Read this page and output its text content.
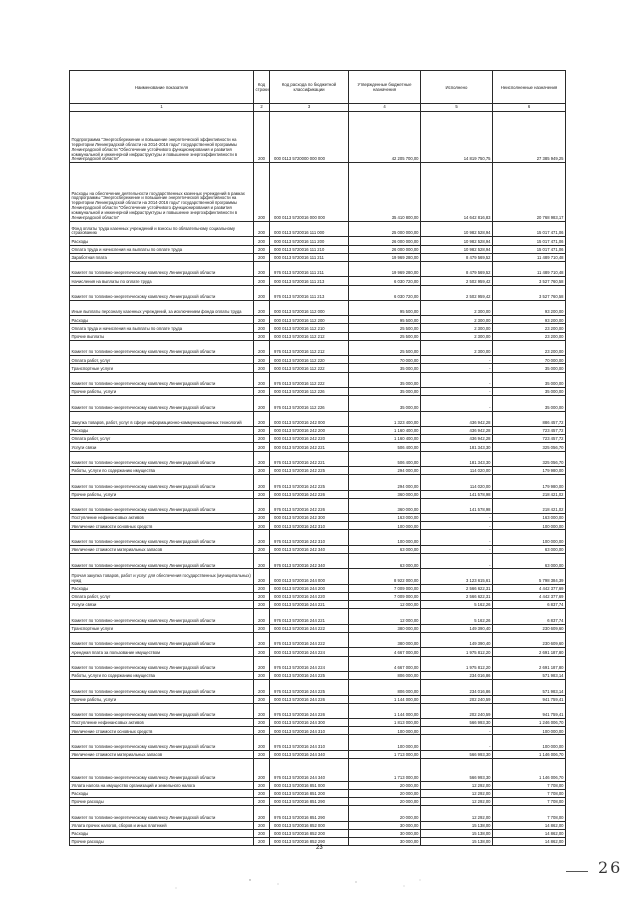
Наименование показателя	Код строки	Код расхода по бюджетной классификации	Утвержденные бюджетные назначения	Исполнено	Неисполненные назначения
1	2	3	4	5	6
Подпрограмма "Энергосбережение и повышение энергетической эффективности на территории Ленинградской области на 2014-2016 годы" государственной программы Ленинградской области "Обеспечение устойчивого функционирования и развития коммунальной и инженерной инфраструктуры и повышение энергоэффективности в Ленинградской области"	200	000 0113 5720000 000 000	42 205 700,00	14 819 750,75	27 385 949,25
Расходы на обеспечение деятельности государственных казенных учреждений в рамках подпрограммы "Энергосбережение и повышение энергетической эффективности на территории Ленинградской области на 2014-2016 годы" государственной программы Ленинградской области "Обеспечение устойчивого функционирования и развития коммунальной и инженерной инфраструктуры и повышение энергоэффективности в Ленинградской области"	200	000 0113 5720016 000 000	35 410 800,00	14 642 816,83	20 768 983,17
Фонд оплаты труда казенных учреждений и взносы по обязательному социальному страхованию	200	000 0113 5720016 111 000	25 000 000,00	10 982 528,94	15 017 471,06
Расходы	200	000 0113 5720016 111 200	26 000 000,00	10 982 528,94	15 017 471,06
Оплата труда и начисления на выплаты по оплате труда	200	000 0113 5720016 111 210	26 000 000,00	10 982 528,94	15 017 471,06
Заработная плата	200	000 0113 5720016 111 211	19 969 280,00	8 479 569,52	11 489 710,48
Комитет по топливно-энергетическому комплексу Ленинградской области	200	976 0113 5720016 111 211	19 969 280,00	8 479 569,52	11 489 710,48
Начисления на выплаты по оплате труда	200	000 0113 5720016 111 213	6 030 720,00	2 502 959,42	3 527 760,58
Комитет по топливно-энергетическому комплексу Ленинградской области	200	976 0113 5720016 111 213	6 030 720,00	2 502 959,42	3 527 760,58
Иные выплаты персоналу казенных учреждений, за исключением фонда оплаты труда	200	000 0113 5720016 112 000	95 500,00	2 300,00	93 200,00
Расходы	200	000 0113 5720016 112 200	95 500,00	2 300,00	93 200,00
Оплата труда и начисления на выплаты по оплате труда	200	000 0113 5720016 112 210	25 500,00	2 300,00	23 200,00
Прочие выплаты	200	000 0113 5720016 112 212	25 500,00	2 300,00	23 200,00
Комитет по топливно-энергетическому комплексу Ленинградской области	200	976 0113 5720016 112 212	25 500,00	2 300,00	23 200,00
Оплата работ, услуг	200	000 0113 5720016 112 220	70 000,00	-	70 000,00
Транспортные услуги	200	000 0113 5720016 112 222	35 000,00	-	35 000,00
Комитет по топливно-энергетическому комплексу Ленинградской области	200	976 0113 5720016 112 222	35 000,00	-	35 000,00
Прочие работы, услуги	200	000 0113 5720016 112 226	35 000,00	-	35 000,00
Комитет по топливно-энергетическому комплексу Ленинградской области	200	976 0113 5720016 112 226	35 000,00	-	35 000,00
Закупка товаров, работ, услуг в сфере информационно-коммуникационных технологий	200	000 0113 5720016 242 000	1 323 400,00	436 942,28	886 457,72
Расходы	200	000 0113 5720016 242 200	1 160 400,00	436 942,28	723 457,72
Оплата работ, услуг	200	000 0113 5720016 242 220	1 160 400,00	436 942,28	723 457,72
Услуги связи	200	000 0113 5720016 242 221	506 400,00	181 343,30	325 056,70
Комитет по топливно-энергетическому комплексу Ленинградской области	200	976 0113 5720016 242 221	506 400,00	181 343,30	325 056,70
Работы, услуги по содержанию имущества	200	000 0113 5720016 242 225	294 000,00	114 020,00	179 980,00
Комитет по топливно-энергетическому комплексу Ленинградской области	200	976 0113 5720016 242 225	294 000,00	114 020,00	179 980,00
Прочие работы, услуги	200	000 0113 5720016 242 226	360 000,00	141 578,98	218 421,02
Комитет по топливно-энергетическому комплексу Ленинградской области	200	976 0113 5720016 242 226	360 000,00	141 578,98	218 421,02
Поступление нефинансовых активов	200	000 0113 5720016 242 300	163 000,00	-	163 000,00
Увеличение стоимости основных средств	200	000 0113 5720016 242 310	100 000,00	-	100 000,00
Комитет по топливно-энергетическому комплексу Ленинградской области	200	976 0113 5720016 242 310	100 000,00	-	100 000,00
Увеличение стоимости материальных запасов	200	000 0113 5720016 242 340	63 000,00	-	63 000,00
Комитет по топливно-энергетическому комплексу Ленинградской области	200	976 0113 5720016 242 340	63 000,00	-	63 000,00
Прочая закупка товаров, работ и услуг для обеспечения государственных (муниципальных) нужд	200	000 0113 5720016 244 000	8 922 000,00	3 123 615,61	5 798 384,39
Расходы	200	000 0113 5720016 244 200	7 009 000,00	2 566 622,31	4 442 377,69
Оплата работ, услуг	200	000 0113 5720016 244 220	7 009 000,00	2 566 622,31	4 442 377,69
Услуги связи	200	000 0113 5720016 244 221	12 000,00	5 162,26	6 837,74
Комитет по топливно-энергетическому комплексу Ленинградской области	200	976 0113 5720016 244 221	12 000,00	5 162,26	6 837,74
Транспортные услуги	200	000 0113 5720016 244 222	380 000,00	149 390,40	230 609,60
Комитет по топливно-энергетическому комплексу Ленинградской области	200	976 0113 5720016 244 222	380 000,00	149 390,40	230 609,60
Арендная плата за пользование имуществом	200	000 0113 5720016 244 224	4 667 000,00	1 975 812,20	2 691 187,80
Комитет по топливно-энергетическому комплексу Ленинградской области	200	976 0113 5720016 244 224	4 667 000,00	1 975 812,20	2 691 187,80
Работы, услуги по содержанию имущества	200	000 0113 5720016 244 225	806 000,00	234 016,86	571 983,14
Комитет по топливно-энергетическому комплексу Ленинградской области	200	976 0113 5720016 244 225	806 000,00	234 016,86	571 983,14
Прочие работы, услуги	200	000 0113 5720016 244 226	1 144 000,00	202 240,59	941 759,41
Комитет по топливно-энергетическому комплексу Ленинградской области	200	976 0113 5720016 244 226	1 144 000,00	202 240,59	941 759,41
Поступление нефинансовых активов	200	000 0113 5720016 244 300	1 813 000,00	566 993,30	1 246 006,70
Увеличение стоимости основных средств	200	000 0113 5720016 244 310	100 000,00	-	100 000,00
Комитет по топливно-энергетическому комплексу Ленинградской области	200	976 0113 5720016 244 310	100 000,00	-	100 000,00
Увеличение стоимости материальных запасов	200	000 0113 5720016 244 340	1 713 000,00	566 993,30	1 146 006,70
Комитет по топливно-энергетическому комплексу Ленинградской области	200	976 0113 5720016 244 340	1 713 000,00	566 993,30	1 146 006,70
Уплата налога на имущество организаций и земельного налога	200	000 0113 5720016 851 000	20 000,00	12 292,00	7 708,00
Расходы	200	000 0113 5720016 851 200	20 000,00	12 292,00	7 708,00
Прочие расходы	200	000 0113 5720016 851 290	20 000,00	12 292,00	7 708,00
Комитет по топливно-энергетическому комплексу Ленинградской области	200	976 0113 5720016 851 290	20 000,00	12 292,00	7 708,00
Уплата прочих налогов, сборов и иных платежей	200	000 0113 5720016 852 000	30 000,00	15 138,00	14 862,00
Расходы	200	000 0113 5720016 852 200	30 000,00	15 138,00	14 862,00
Прочие расходы	200	000 0113 5720016 852 290	30 000,00	15 138,00	14 862,00
23
26
